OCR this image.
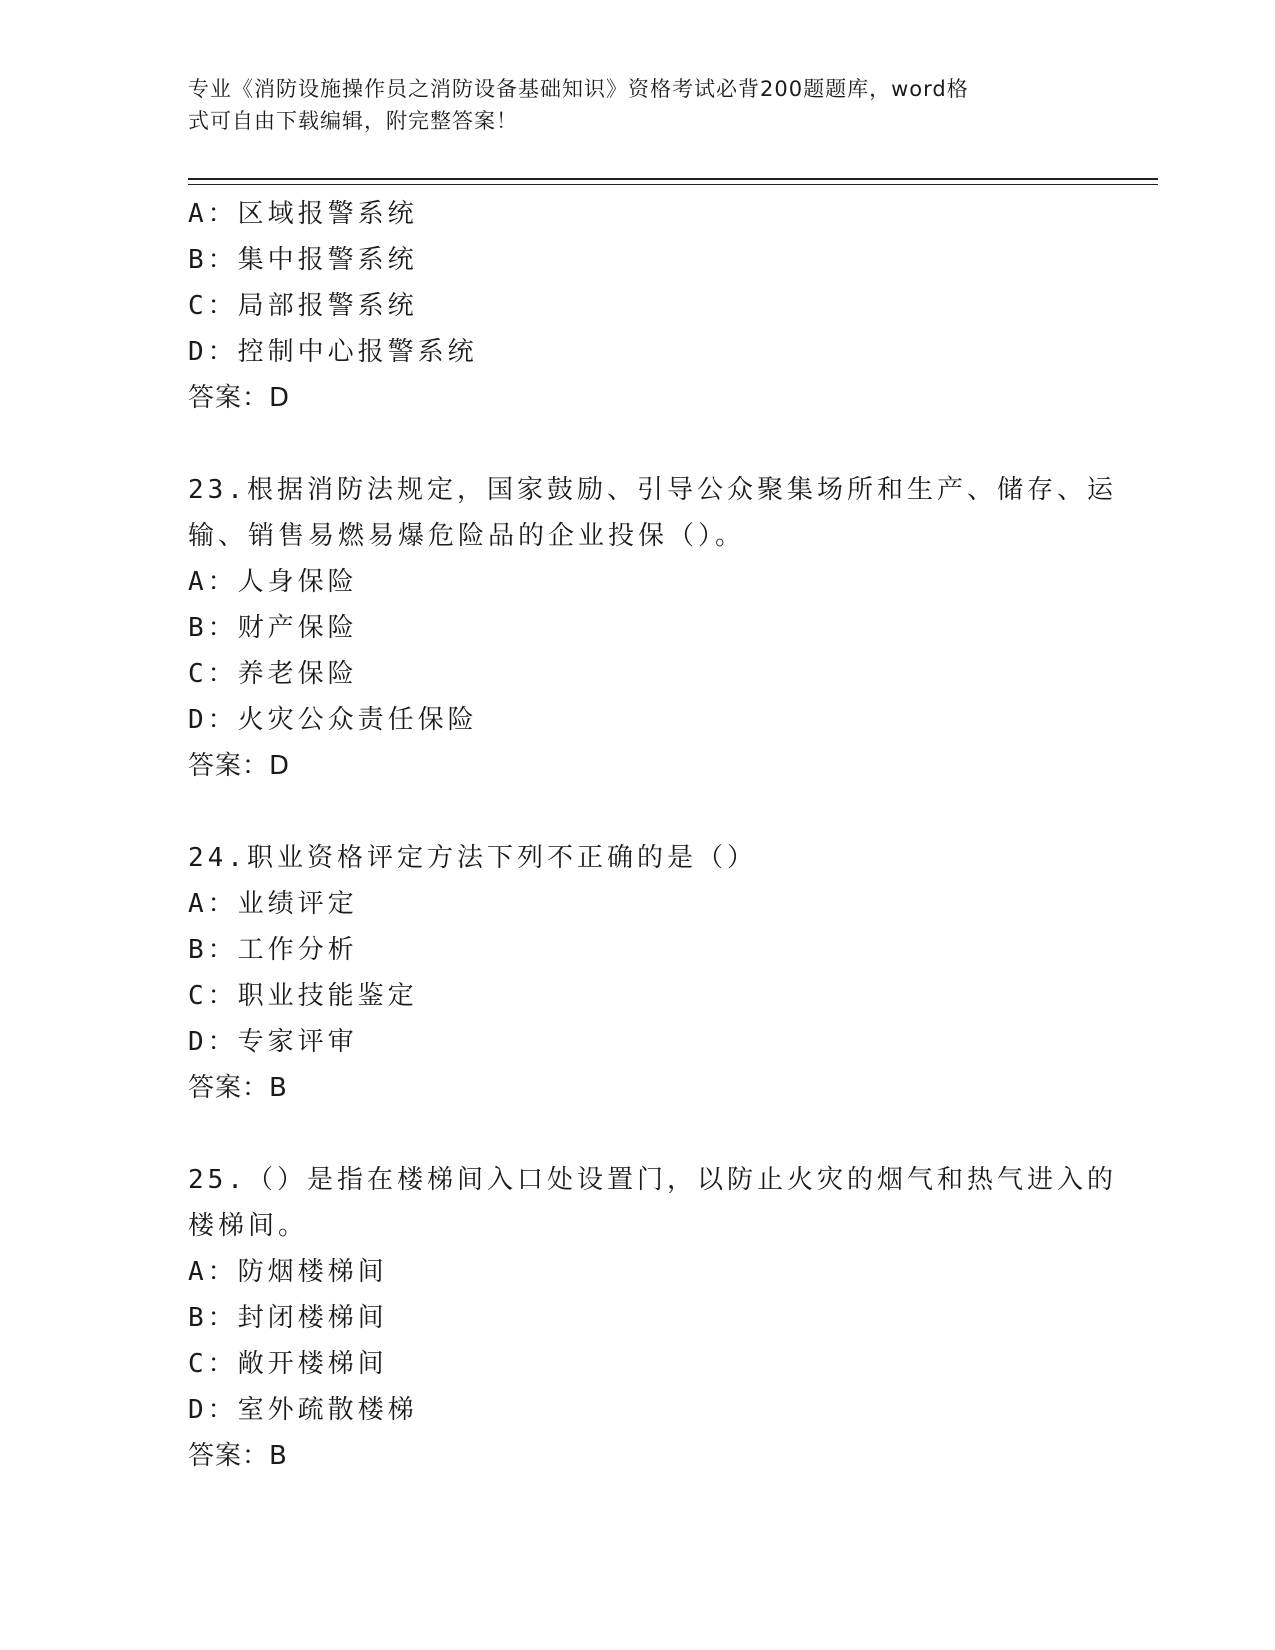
专业《消防设施操作员之消防设备基础知识》资格考试必背200题题库，word格
式可自由下载编辑，附完整答案！
A：区域报警系统
B：集中报警系统
C：局部报警系统
D：控制中心报警系统
答案：D
23.根据消防法规定，国家鼓励、引导公众聚集场所和生产、储存、运
输、销售易燃易爆危险品的企业投保（）。
A：人身保险
B：财产保险
C：养老保险
D：火灾公众责任保险
答案：D
24.职业资格评定方法下列不正确的是（）
A：业绩评定
B：工作分析
C：职业技能鉴定
D：专家评审
答案：B
25.（）是指在楼梯间入口处设置门，以防止火灾的烟气和热气进入的
楼梯间。
A：防烟楼梯间
B：封闭楼梯间
C：敞开楼梯间
D：室外疏散楼梯
答案：B
